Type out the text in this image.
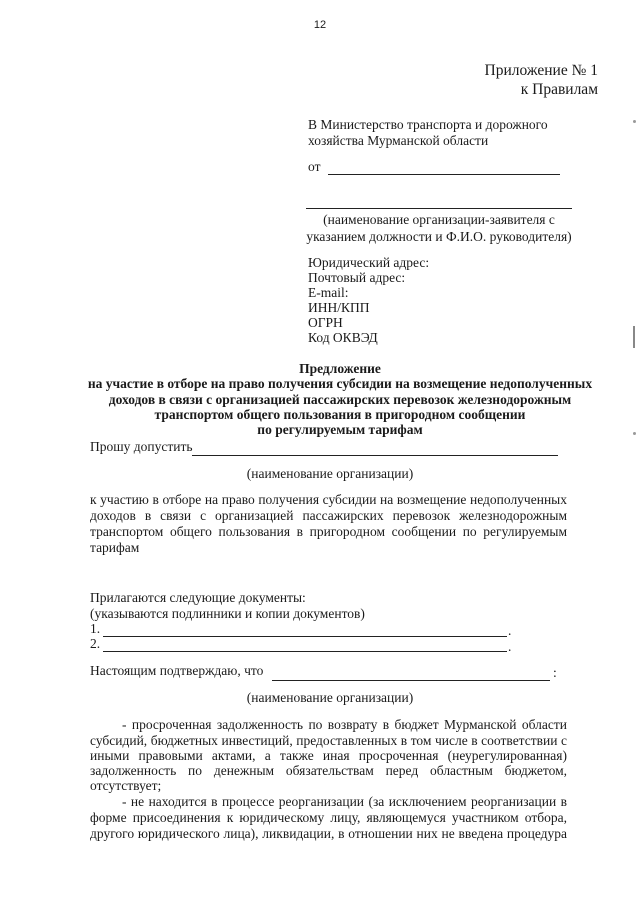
12
Приложение № 1
к Правилам
В Министерство транспорта и дорожного
хозяйства Мурманской области
от
(наименование организации-заявителя с
указанием должности и Ф.И.О. руководителя)
Юридический адрес:
Почтовый адрес:
E-mail:
ИНН/КПП
ОГРН
Код ОКВЭД
Предложение
на участие в отборе на право получения субсидии на возмещение недополученных
доходов в связи с организацией пассажирских перевозок железнодорожным
транспортом общего пользования в пригородном сообщении
по регулируемым тарифам
Прошу допустить
(наименование организации)
к участию в отборе на право получения субсидии на возмещение недополученных
доходов в связи с организацией пассажирских перевозок железнодорожным
транспортом общего пользования в пригородном сообщении по регулируемым
тарифам
Прилагаются следующие документы:
(указываются подлинники и копии документов)
1.	.
2.	.
Настоящим подтверждаю, что	:
(наименование организации)
- просроченная задолженность по возврату в бюджет Мурманской области
субсидий, бюджетных инвестиций, предоставленных в том числе в соответствии с
иными правовыми актами, а также иная просроченная (неурегулированная)
задолженность по денежным обязательствам перед областным бюджетом,
отсутствует;
- не находится в процессе реорганизации (за исключением реорганизации в
форме присоединения к юридическому лицу, являющемуся участником отбора,
другого юридического лица), ликвидации, в отношении них не введена процедура
